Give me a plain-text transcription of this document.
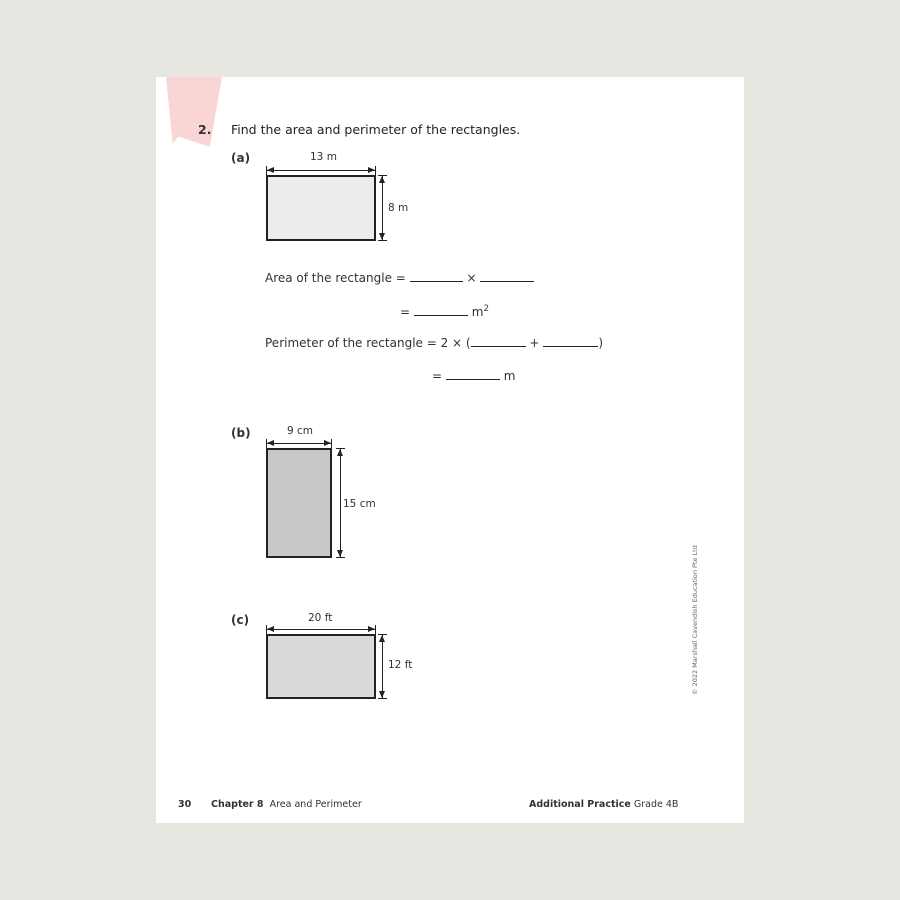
2. Find the area and perimeter of the rectangles.
(a)	13 m
8 m
Area of the rectangle =	×
=	$m^2$
Perimeter of the rectangle = 2 × (	+	)
=	m
(b)	9 cm
15 cm
(c)	20 ft
12 ft	© 2022 Marshall Cavendish Education Pte Ltd
30 Chapter 8 Area and Perimeter	Additional Practice Grade 4B
